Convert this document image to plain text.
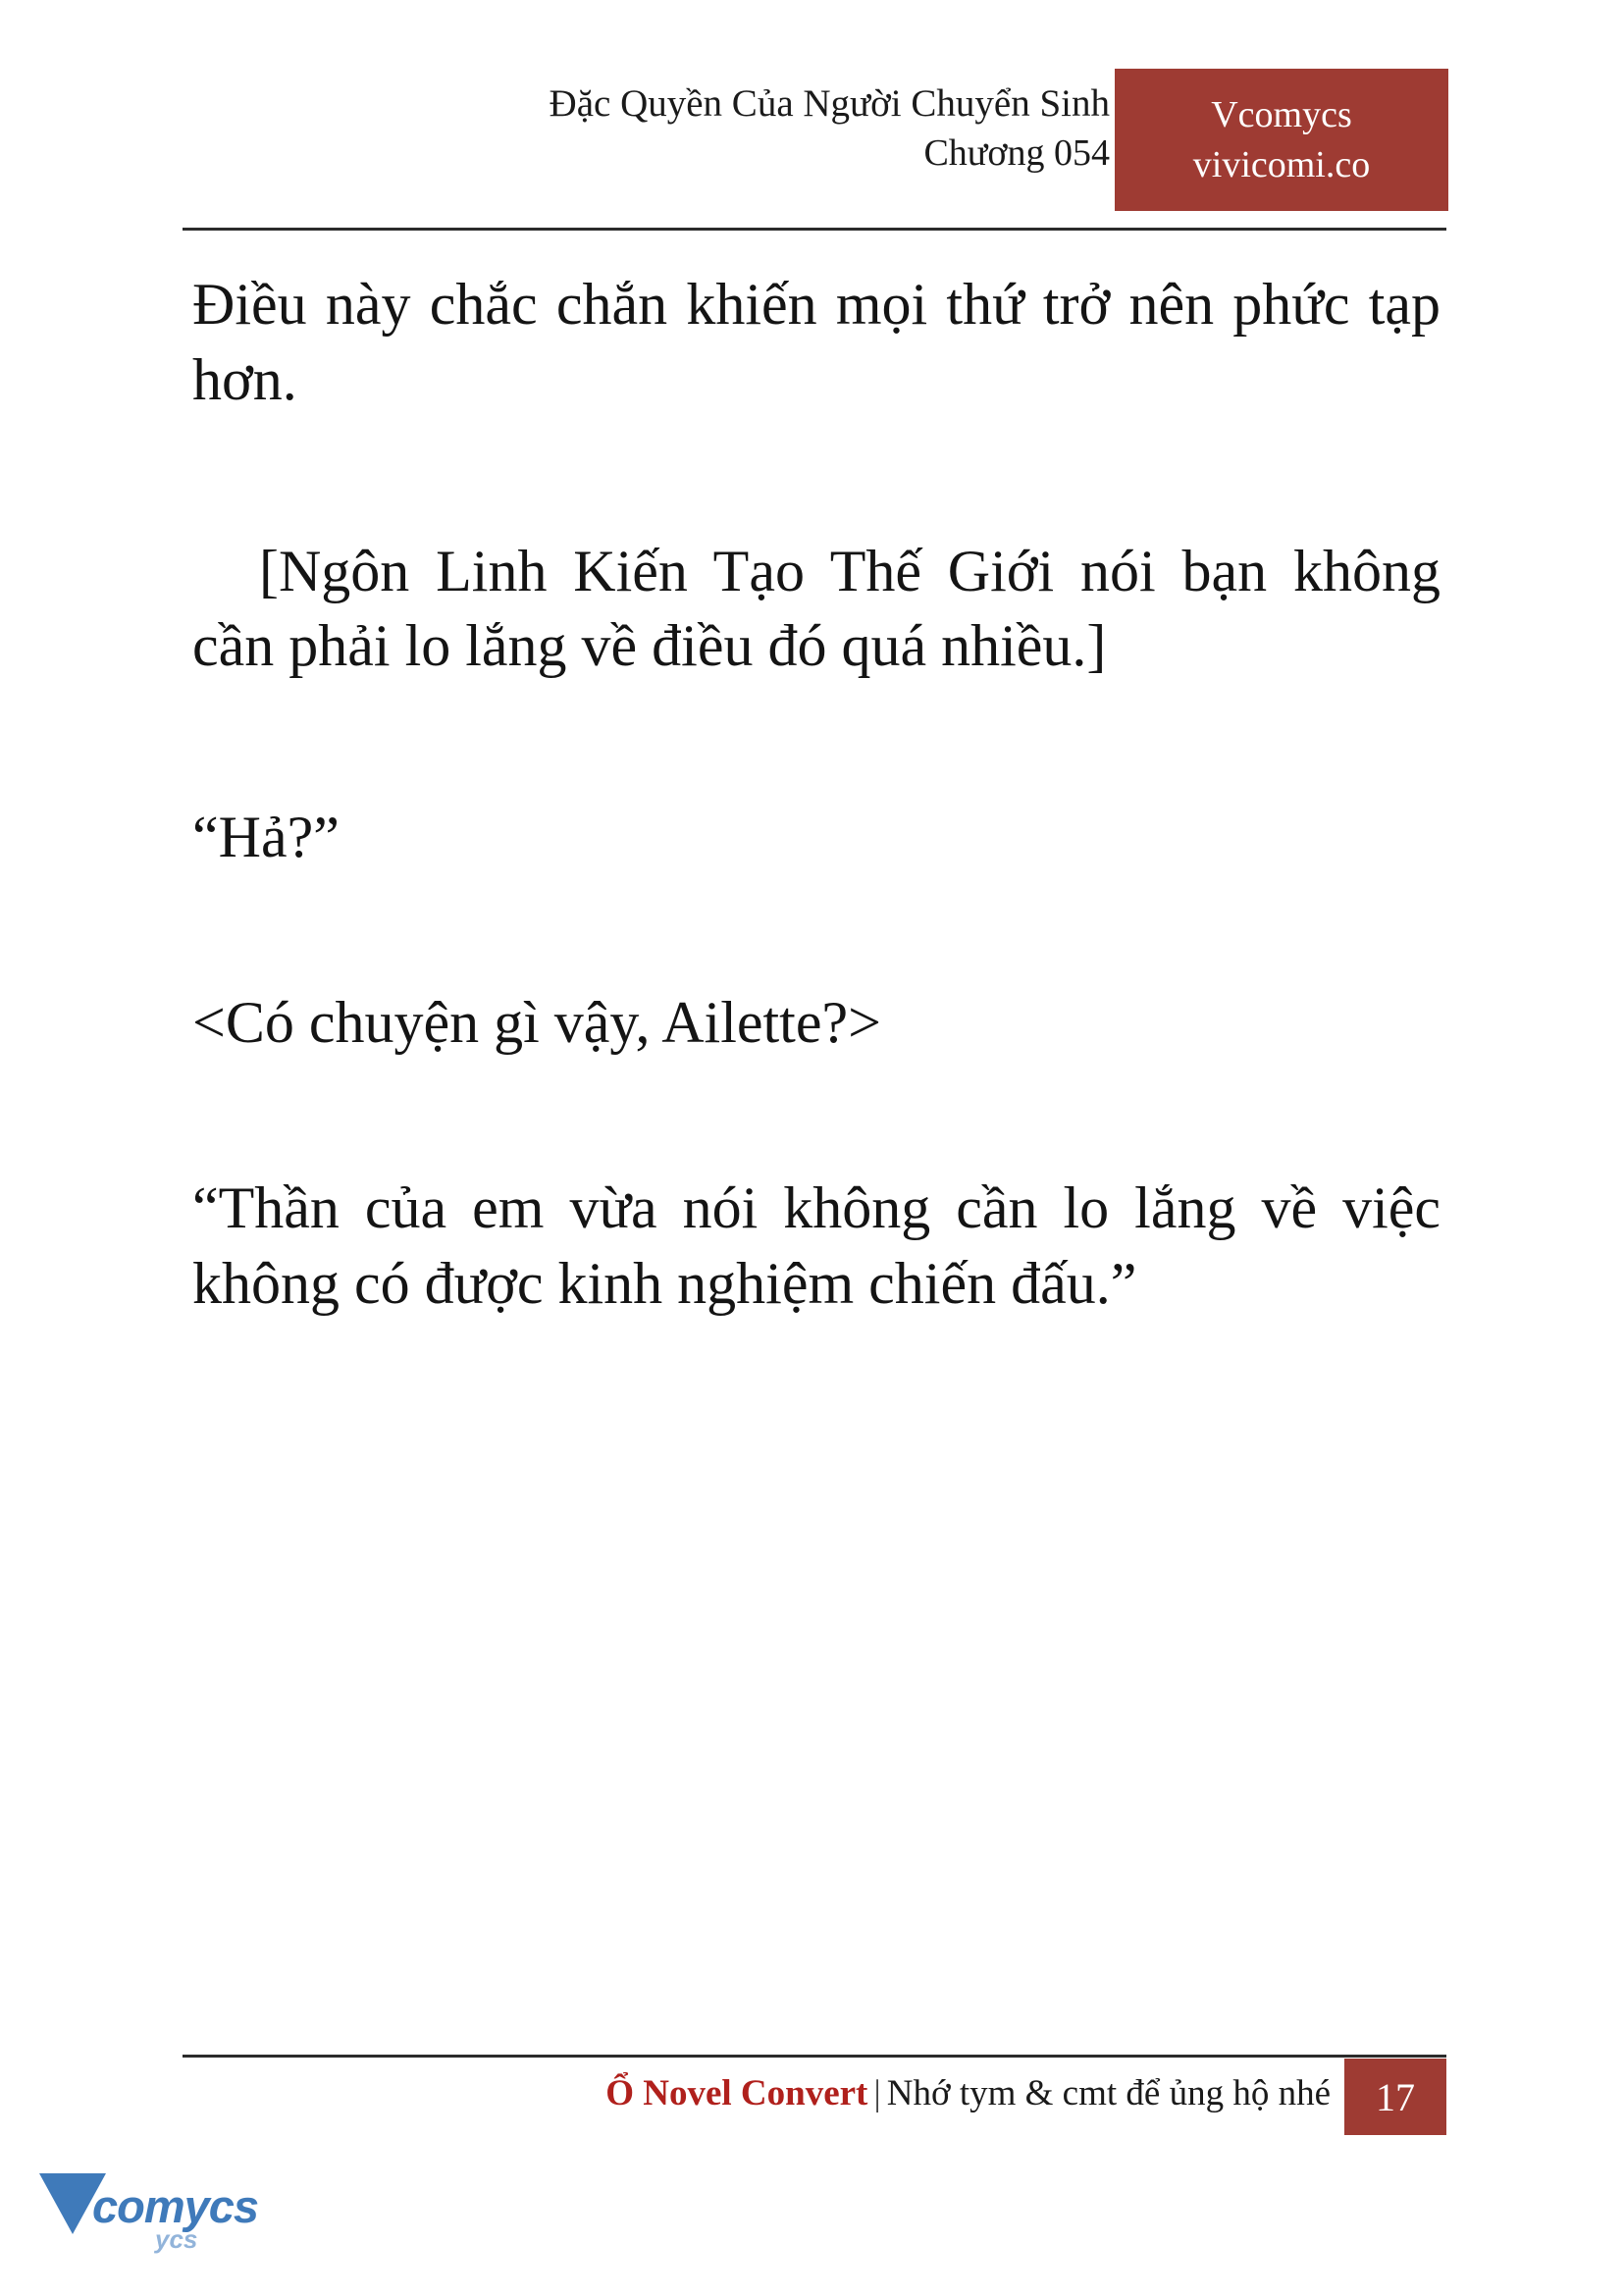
Đặc Quyền Của Người Chuyển Sinh
Chương 054
Vcomycs
vivicomi.co

Điều này chắc chắn khiến mọi thứ trở nên phức tạp hơn.

[Ngôn Linh Kiến Tạo Thế Giới nói bạn không cần phải lo lắng về điều đó quá nhiều.]

“Hả?”

<Có chuyện gì vậy, Ailette?>

“Thần của em vừa nói không cần lo lắng về việc không có được kinh nghiệm chiến đấu.”

Ổ Novel Convert | Nhớ tym & cmt để ủng hộ nhé 17
comycs
ycs
